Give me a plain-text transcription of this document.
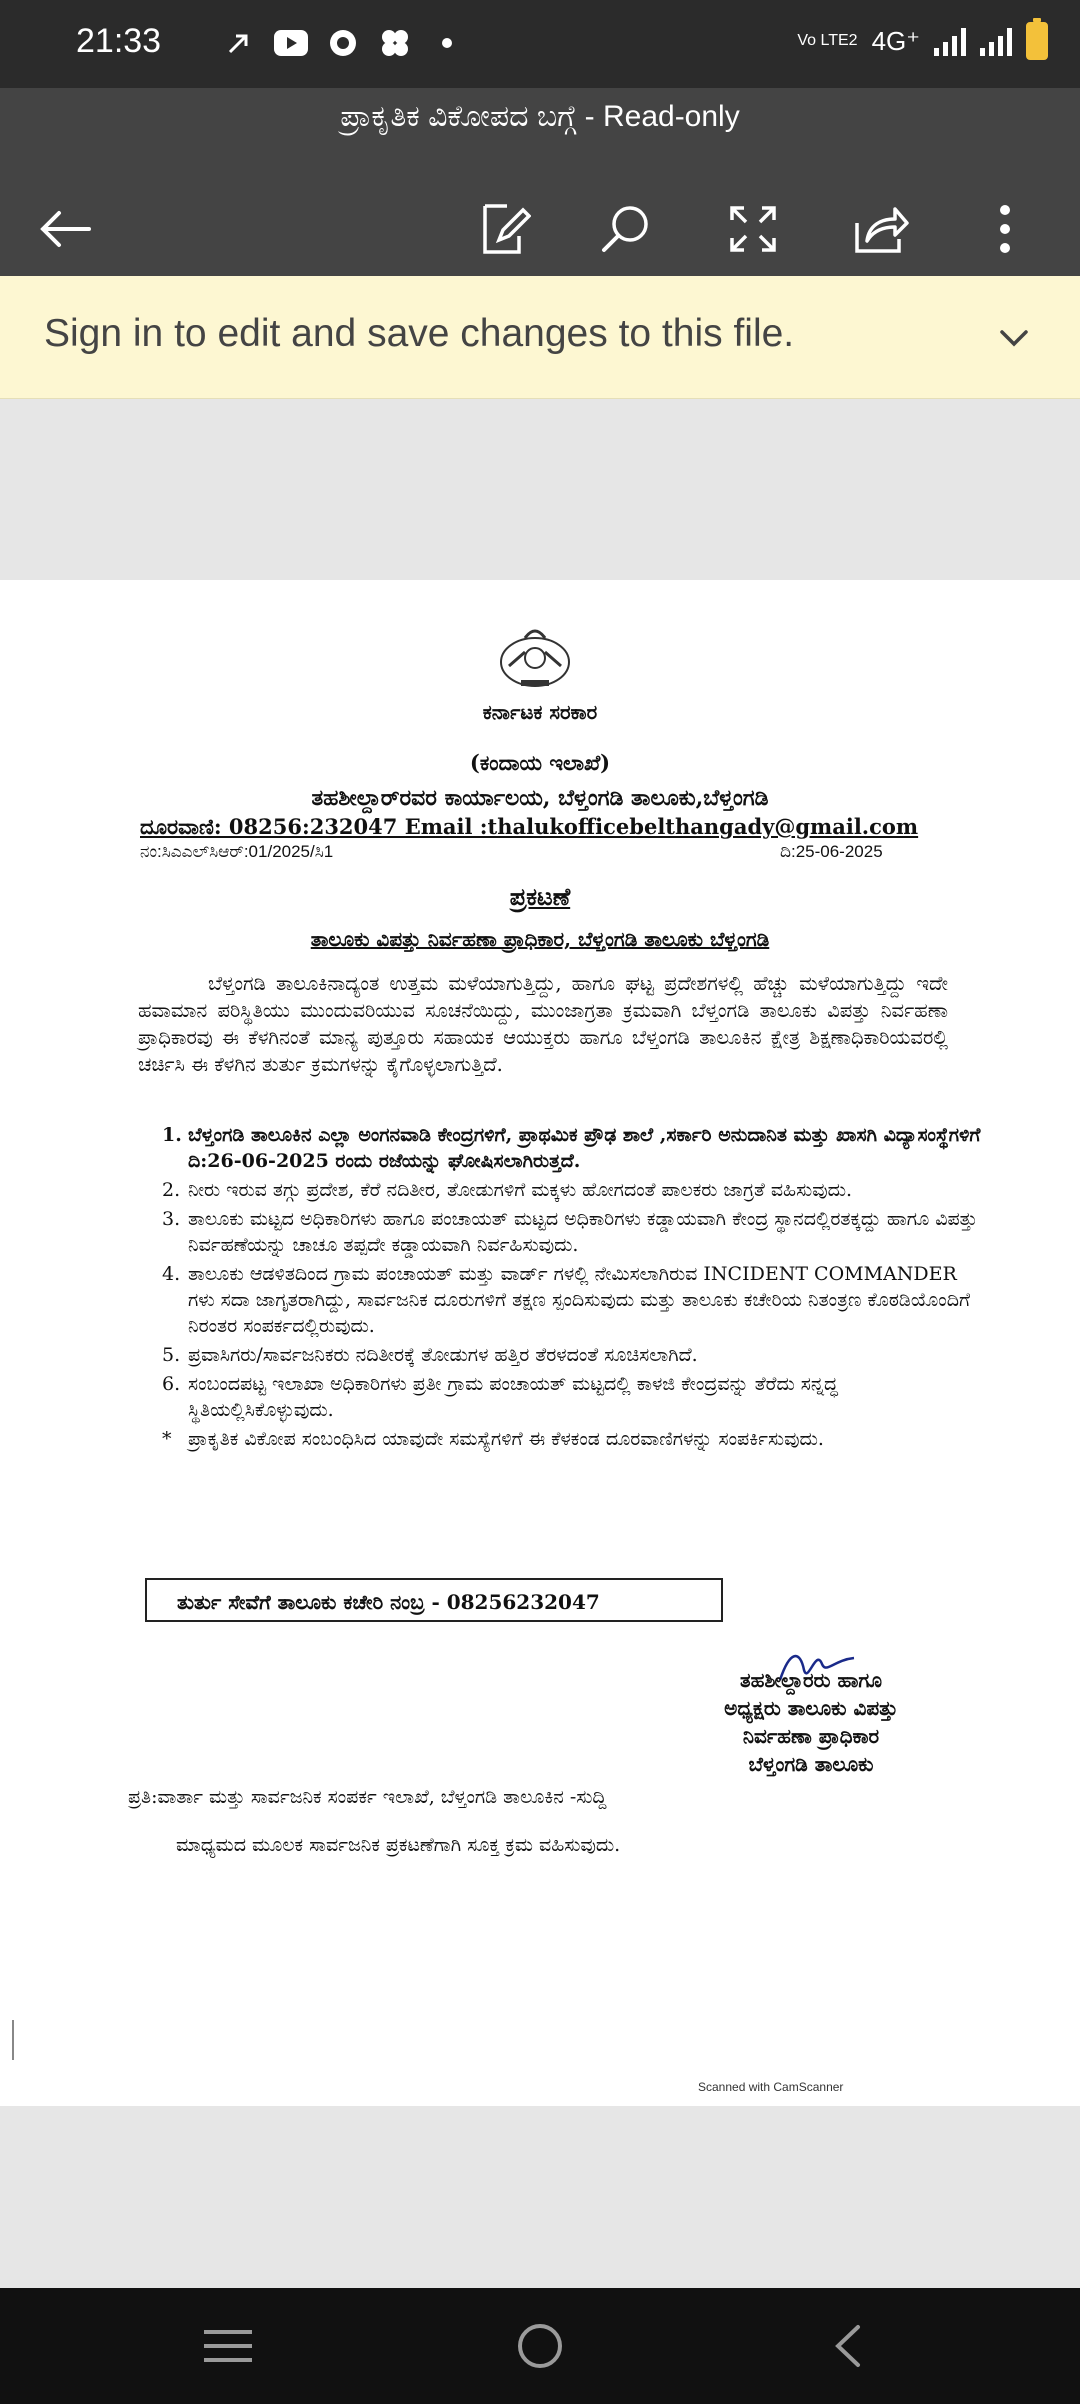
21:33	Vo LTE2 4G⁺
ಪ್ರಾಕೃತಿಕ ವಿಕೋಪದ ಬಗ್ಗೆ - Read-only
Sign in to edit and save changes to this file.
ಕರ್ನಾಟಕ ಸರಕಾರ
(ಕಂದಾಯ ಇಲಾಖೆ)
ತಹಶೀಲ್ದಾರ್‌ರವರ ಕಾರ್ಯಾಲಯ, ಬೆಳ್ತಂಗಡಿ ತಾಲೂಕು,ಬೆಳ್ತಂಗಡಿ
ದೂರವಾಣಿ: 08256:232047 Email :thalukofficebelthangady@gmail.com
ನಂ:ಸಿಎಎಲ್‌ಸಿಆರ್:01/2025/ಸಿ1	ದಿ:25-06-2025
ಪ್ರಕಟಣೆ
ತಾಲೂಕು ವಿಪತ್ತು ನಿರ್ವಹಣಾ ಪ್ರಾಧಿಕಾರ, ಬೆಳ್ತಂಗಡಿ ತಾಲೂಕು ಬೆಳ್ತಂಗಡಿ
ಬೆಳ್ತಂಗಡಿ ತಾಲೂಕಿನಾದ್ಯಂತ ಉತ್ತಮ ಮಳೆಯಾಗುತ್ತಿದ್ದು, ಹಾಗೂ ಘಟ್ಟ ಪ್ರದೇಶಗಳಲ್ಲಿ ಹೆಚ್ಚು ಮಳೆಯಾಗುತ್ತಿದ್ದು ಇದೇ ಹವಾಮಾನ ಪರಿಸ್ಥಿತಿಯು ಮುಂದುವರಿಯುವ ಸೂಚನೆಯಿದ್ದು, ಮುಂಜಾಗ್ರತಾ ಕ್ರಮವಾಗಿ ಬೆಳ್ತಂಗಡಿ ತಾಲೂಕು ವಿಪತ್ತು ನಿರ್ವಹಣಾ ಪ್ರಾಧಿಕಾರವು ಈ ಕೆಳಗಿನಂತೆ ಮಾನ್ಯ ಪುತ್ತೂರು ಸಹಾಯಕ ಆಯುಕ್ತರು ಹಾಗೂ ಬೆಳ್ತಂಗಡಿ ತಾಲೂಕಿನ ಕ್ಷೇತ್ರ ಶಿಕ್ಷಣಾಧಿಕಾರಿಯವರಲ್ಲಿ ಚರ್ಚಿಸಿ ಈ ಕೆಳಗಿನ ತುರ್ತು ಕ್ರಮಗಳನ್ನು ಕೈಗೊಳ್ಳಲಾಗುತ್ತಿದೆ.
1. ಬೆಳ್ತಂಗಡಿ ತಾಲೂಕಿನ ಎಲ್ಲಾ ಅಂಗನವಾಡಿ ಕೇಂದ್ರಗಳಿಗೆ, ಪ್ರಾಥಮಿಕ ಪ್ರೌಢ ಶಾಲೆ ,ಸರ್ಕಾರಿ ಅನುದಾನಿತ ಮತ್ತು ಖಾಸಗಿ ವಿದ್ಯಾಸಂಸ್ಥೆಗಳಿಗೆ ದಿ:26-06-2025 ರಂದು ರಜೆಯನ್ನು ಘೋಷಿಸಲಾಗಿರುತ್ತದೆ.
2. ನೀರು ಇರುವ ತಗ್ಗು ಪ್ರದೇಶ, ಕೆರೆ ನದಿತೀರ, ತೋಡುಗಳಿಗೆ ಮಕ್ಕಳು ಹೋಗದಂತೆ ಪಾಲಕರು ಜಾಗ್ರತೆ ವಹಿಸುವುದು.
3. ತಾಲೂಕು ಮಟ್ಟದ ಅಧಿಕಾರಿಗಳು ಹಾಗೂ ಪಂಚಾಯತ್ ಮಟ್ಟದ ಅಧಿಕಾರಿಗಳು ಕಡ್ಡಾಯವಾಗಿ ಕೇಂದ್ರ ಸ್ಥಾನದಲ್ಲಿರತಕ್ಕದ್ದು ಹಾಗೂ ವಿಪತ್ತು ನಿರ್ವಹಣೆಯನ್ನು ಚಾಚೂ ತಪ್ಪದೇ ಕಡ್ಡಾಯವಾಗಿ ನಿರ್ವಹಿಸುವುದು.
4. ತಾಲೂಕು ಆಡಳಿತದಿಂದ ಗ್ರಾಮ ಪಂಚಾಯತ್ ಮತ್ತು ವಾರ್ಡ್ ಗಳಲ್ಲಿ ನೇಮಿಸಲಾಗಿರುವ INCIDENT COMMANDER ಗಳು ಸದಾ ಜಾಗೃತರಾಗಿದ್ದು, ಸಾರ್ವಜನಿಕ ದೂರುಗಳಿಗೆ ತಕ್ಷಣ ಸ್ಪಂದಿಸುವುದು ಮತ್ತು ತಾಲೂಕು ಕಚೇರಿಯ ನಿತಂತ್ರಣ ಕೊಠಡಿಯೊಂದಿಗೆ ನಿರಂತರ ಸಂಪರ್ಕದಲ್ಲಿರುವುದು.
5. ಪ್ರವಾಸಿಗರು/ಸಾರ್ವಜನಿಕರು ನದಿತೀರಕ್ಕೆ ತೋಡುಗಳ ಹತ್ತಿರ ತೆರಳದಂತೆ ಸೂಚಿಸಲಾಗಿದೆ.
6. ಸಂಬಂದಪಟ್ಟ ಇಲಾಖಾ ಅಧಿಕಾರಿಗಳು ಪ್ರತೀ ಗ್ರಾಮ ಪಂಚಾಯತ್ ಮಟ್ಟದಲ್ಲಿ ಕಾಳಜಿ ಕೇಂದ್ರವನ್ನು ತೆರೆದು ಸನ್ನದ್ಧ ಸ್ಥಿತಿಯಲ್ಲಿಸಿಕೊಳ್ಳುವುದು.
* ಪ್ರಾಕೃತಿಕ ವಿಕೋಪ ಸಂಬಂಧಿಸಿದ ಯಾವುದೇ ಸಮಸ್ಯೆಗಳಿಗೆ ಈ ಕೆಳಕಂಡ ದೂರವಾಣಿಗಳನ್ನು ಸಂಪರ್ಕಿಸುವುದು.
ತುರ್ತು ಸೇವೆಗೆ ತಾಲೂಕು ಕಚೇರಿ ನಂಬ್ರ - 08256232047
ತಹಶೀಲ್ದಾರರು ಹಾಗೂ
ಅಧ್ಯಕ್ಷರು ತಾಲೂಕು ವಿಪತ್ತು
ನಿರ್ವಹಣಾ ಪ್ರಾಧಿಕಾರ
ಬೆಳ್ತಂಗಡಿ ತಾಲೂಕು
ಪ್ರತಿ:ವಾರ್ತಾ ಮತ್ತು ಸಾರ್ವಜನಿಕ ಸಂಪರ್ಕ ಇಲಾಖೆ, ಬೆಳ್ತಂಗಡಿ ತಾಲೂಕಿನ -ಸುದ್ದಿ
ಮಾಧ್ಯಮದ ಮೂಲಕ ಸಾರ್ವಜನಿಕ ಪ್ರಕಟಣೆಗಾಗಿ ಸೂಕ್ತ ಕ್ರಮ ವಹಿಸುವುದು.
Scanned with CamScanner
